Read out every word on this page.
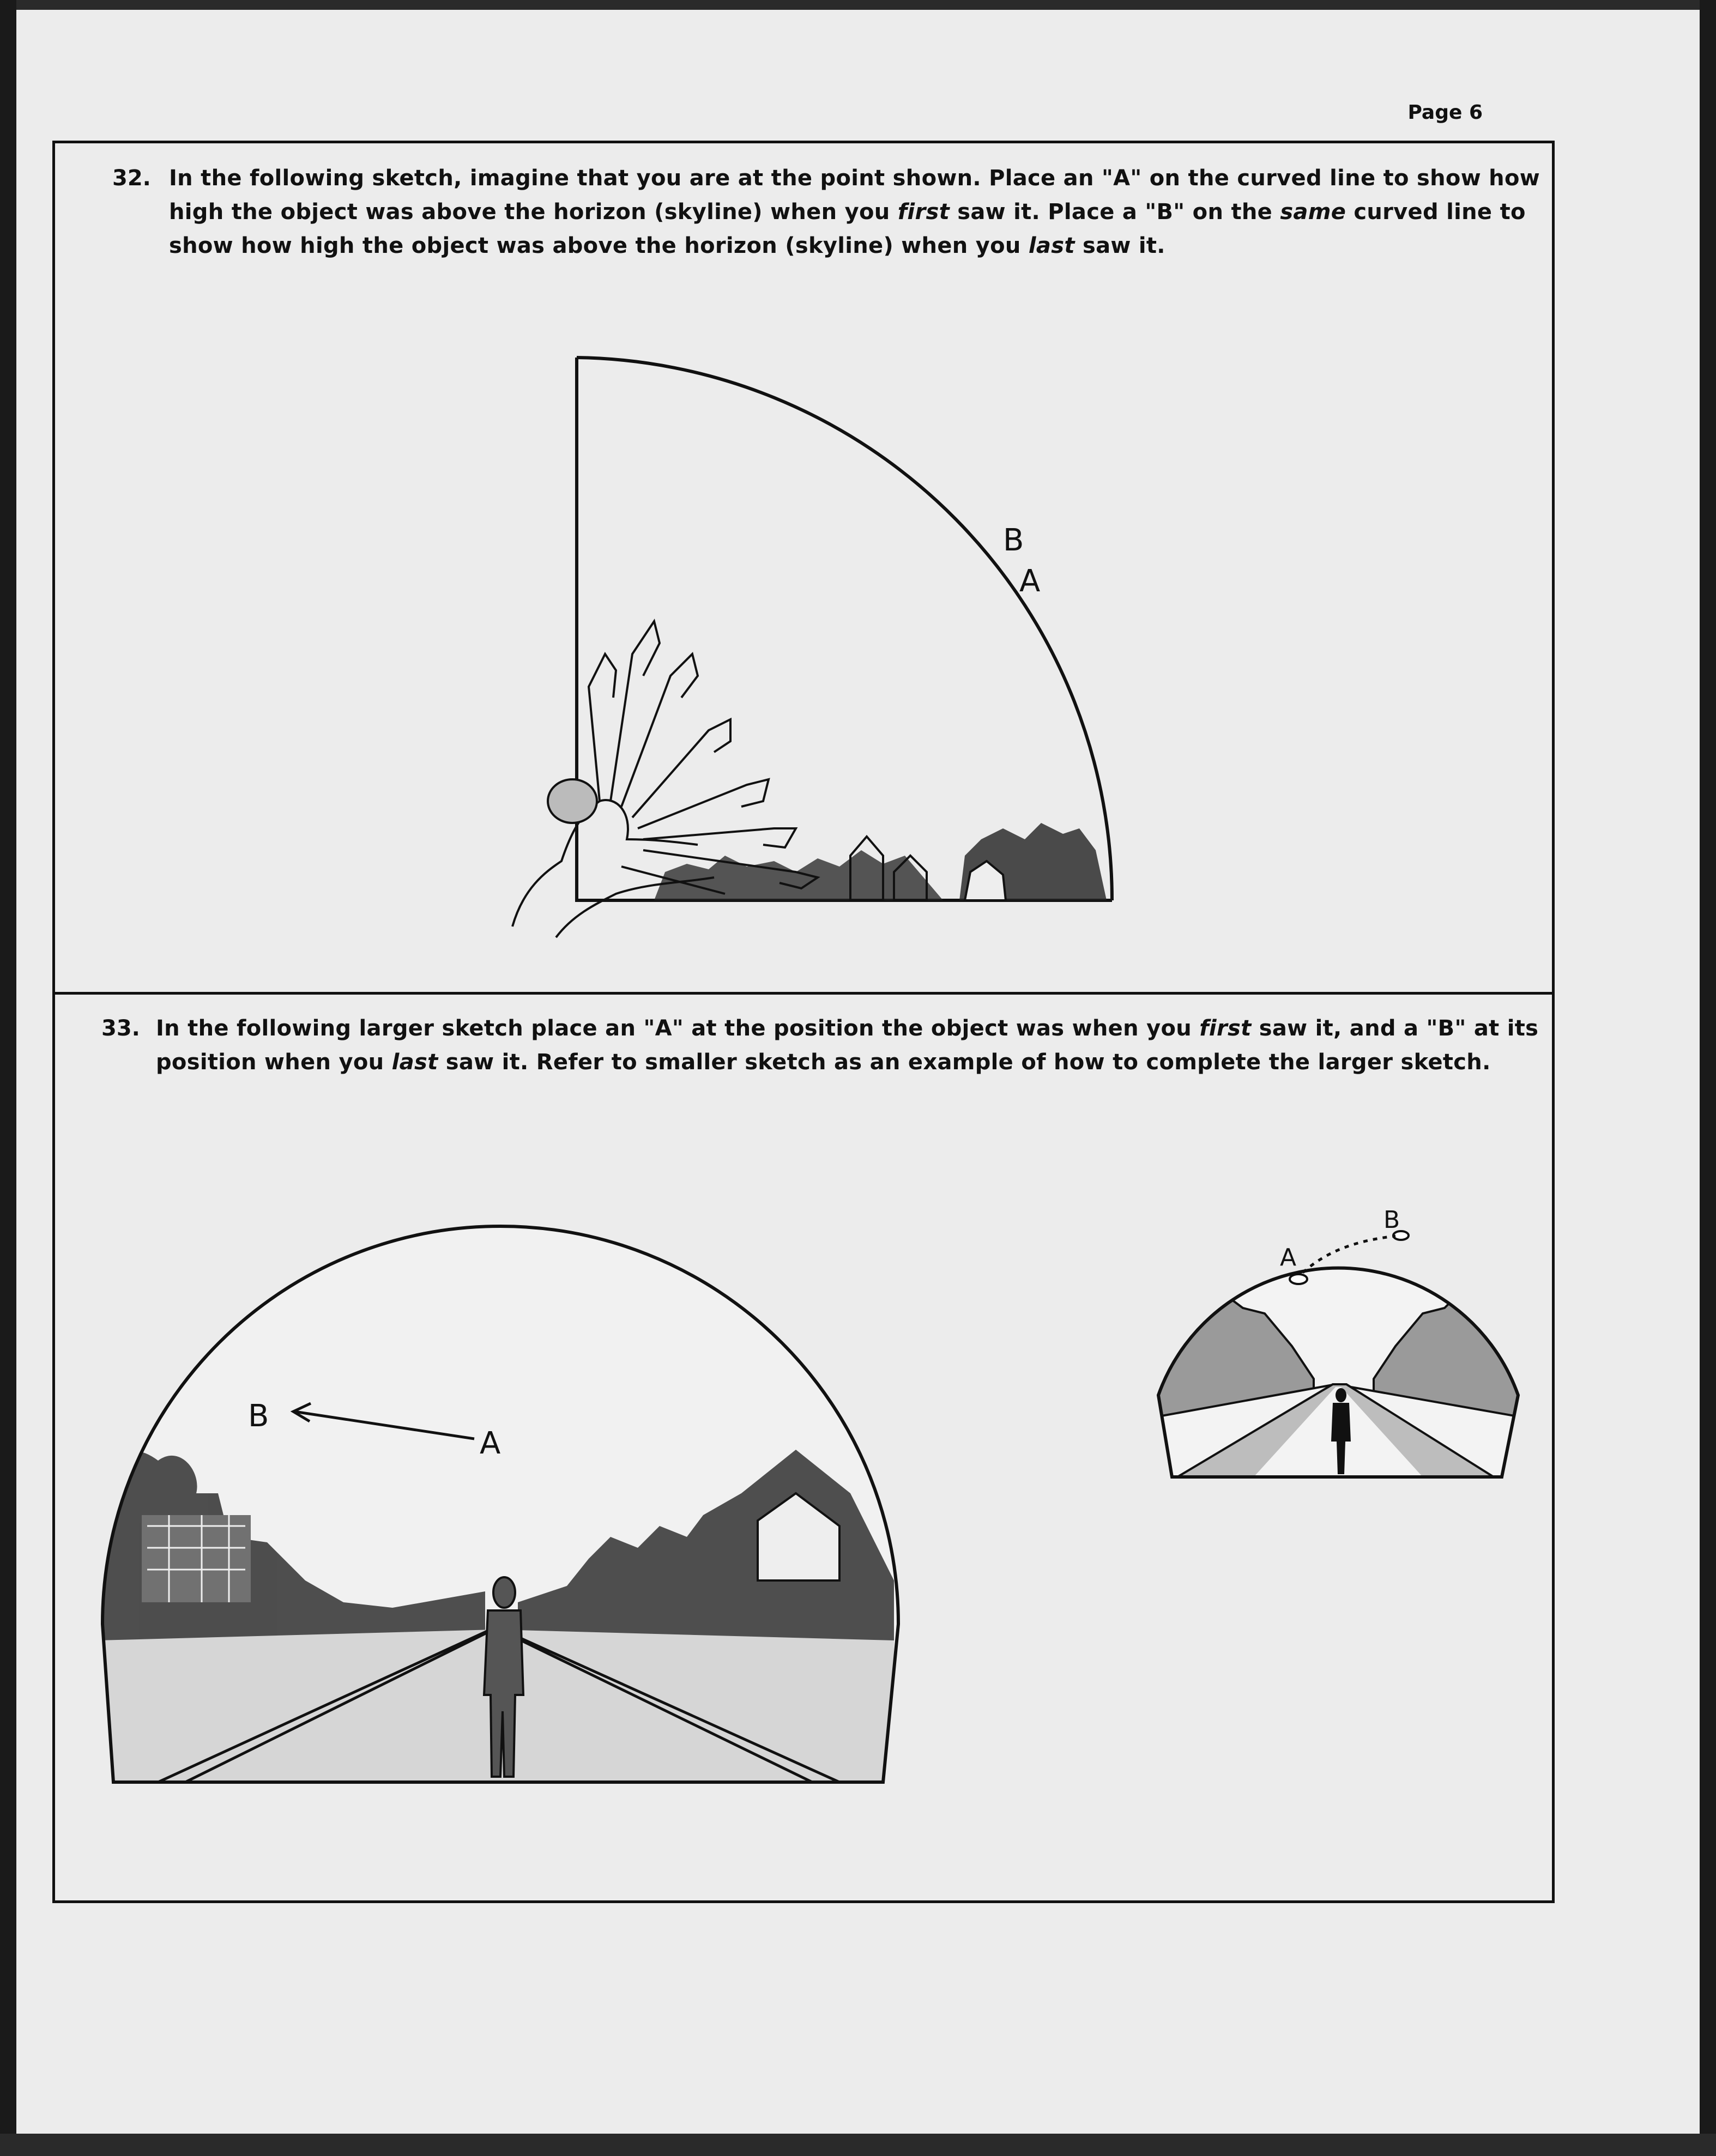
Page 6
32. In the following sketch, imagine that you are at the point shown. Place an "A" on the curved line to show how
high the object was above the horizon (skyline) when you first saw it. Place a "B" on the same curved line to
show how high the object was above the horizon (skyline) when you last saw it.
B
A
33. In the following larger sketch place an "A" at the position the object was when you first saw it, and a "B" at its
position when you last saw it. Refer to smaller sketch as an example of how to complete the larger sketch.
B
A
A
B
